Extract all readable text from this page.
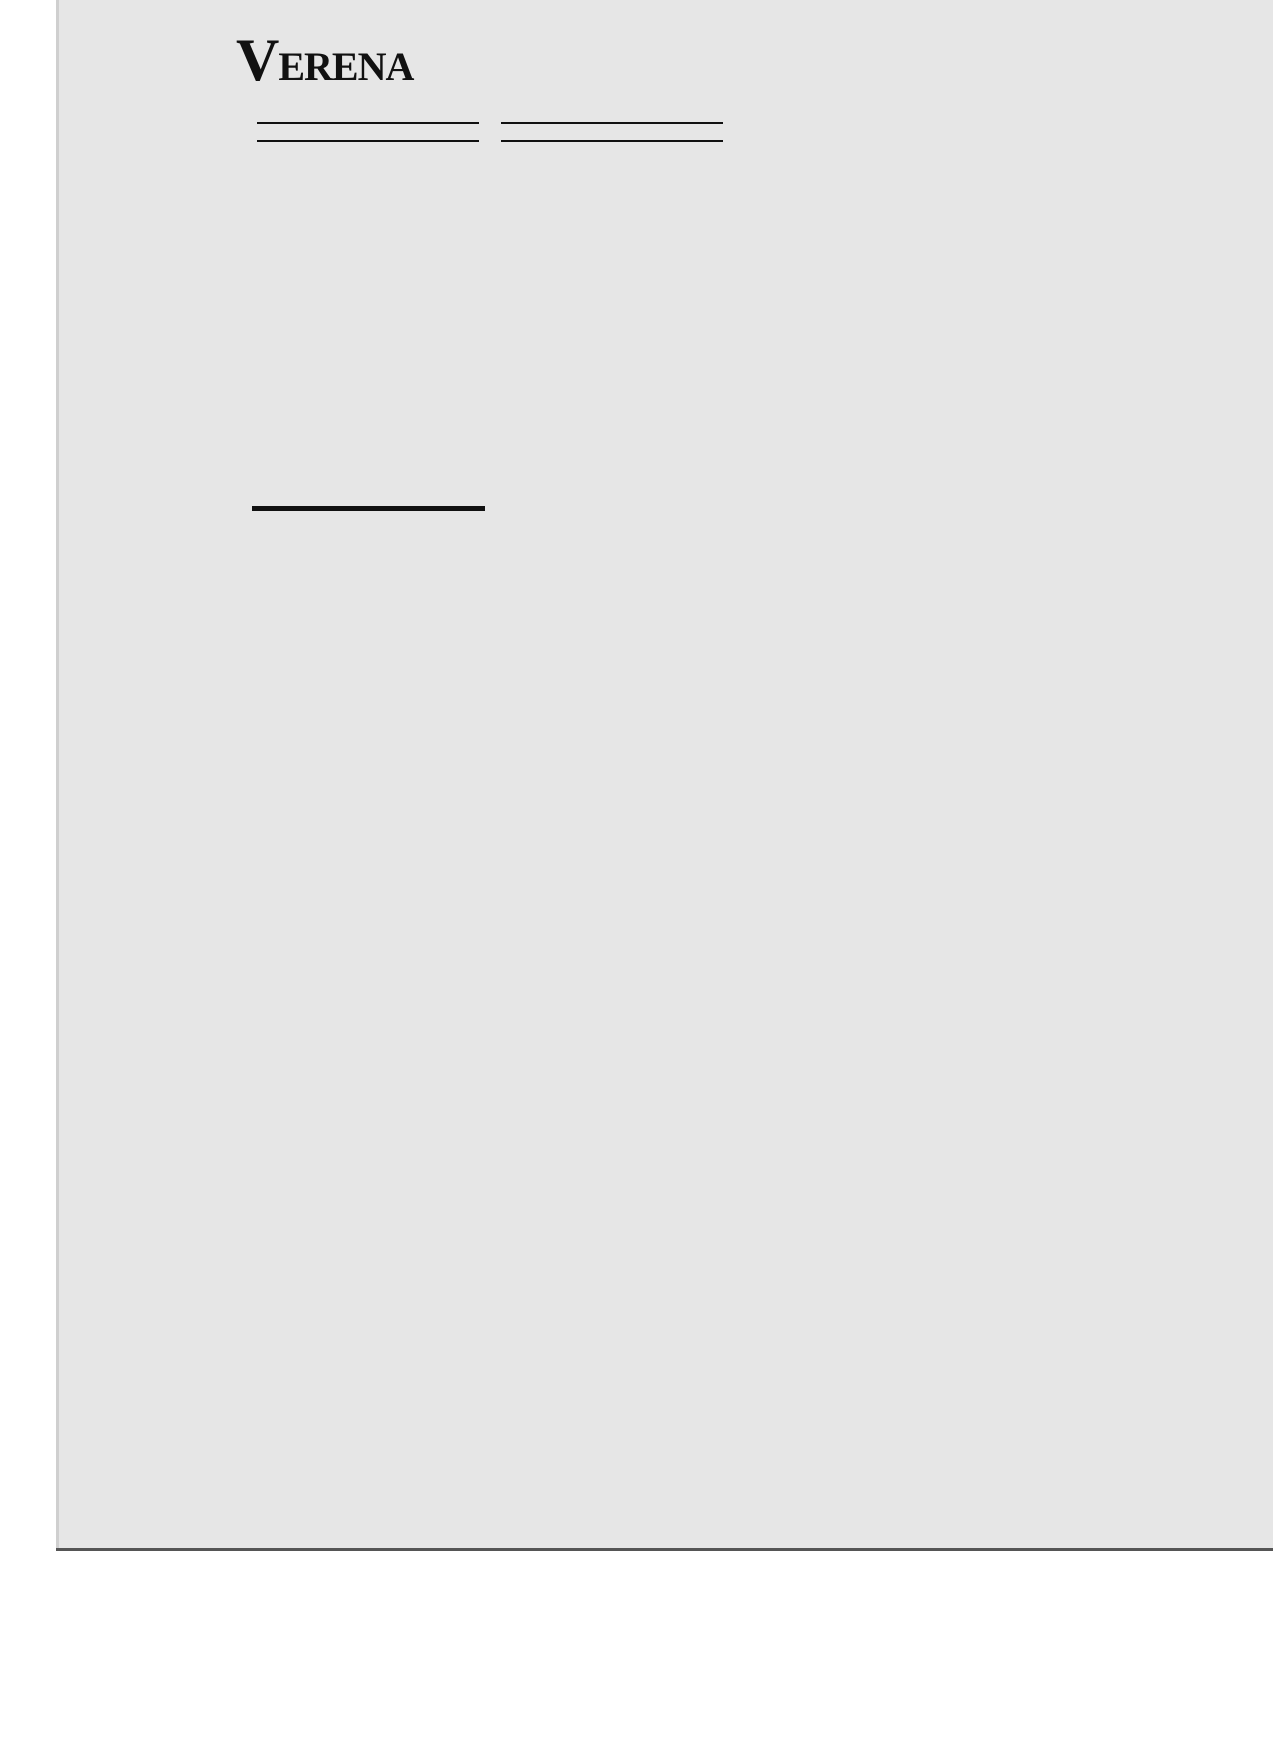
VERENA
